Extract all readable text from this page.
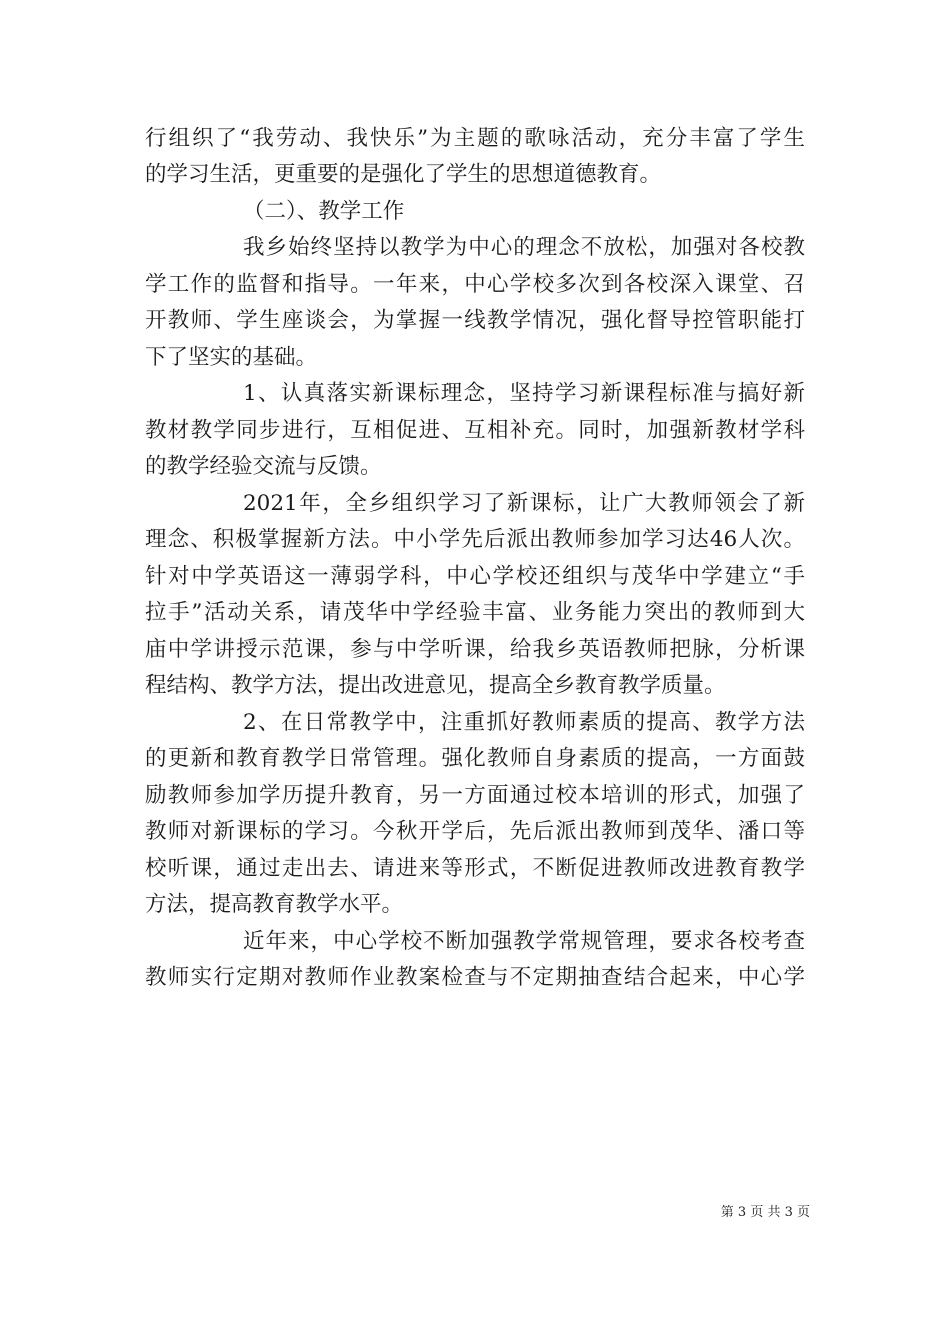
行组织了“我劳动、我快乐”为主题的歌咏活动，充分丰富了学生
的学习生活，更重要的是强化了学生的思想道德教育。
（二）、教学工作
我乡始终坚持以教学为中心的理念不放松，加强对各校教
学工作的监督和指导。一年来，中心学校多次到各校深入课堂、召
开教师、学生座谈会，为掌握一线教学情况，强化督导控管职能打
下了坚实的基础。
1、认真落实新课标理念，坚持学习新课程标准与搞好新
教材教学同步进行，互相促进、互相补充。同时，加强新教材学科
的教学经验交流与反馈。
2021年，全乡组织学习了新课标，让广大教师领会了新
理念、积极掌握新方法。中小学先后派出教师参加学习达46人次。
针对中学英语这一薄弱学科，中心学校还组织与茂华中学建立“手
拉手”活动关系，请茂华中学经验丰富、业务能力突出的教师到大
庙中学讲授示范课，参与中学听课，给我乡英语教师把脉，分析课
程结构、教学方法，提出改进意见，提高全乡教育教学质量。
2、在日常教学中，注重抓好教师素质的提高、教学方法
的更新和教育教学日常管理。强化教师自身素质的提高，一方面鼓
励教师参加学历提升教育，另一方面通过校本培训的形式，加强了
教师对新课标的学习。今秋开学后，先后派出教师到茂华、潘口等
校听课，通过走出去、请进来等形式，不断促进教师改进教育教学
方法，提高教育教学水平。
近年来，中心学校不断加强教学常规管理，要求各校考查
教师实行定期对教师作业教案检查与不定期抽查结合起来，中心学
第 3 页 共 3 页
